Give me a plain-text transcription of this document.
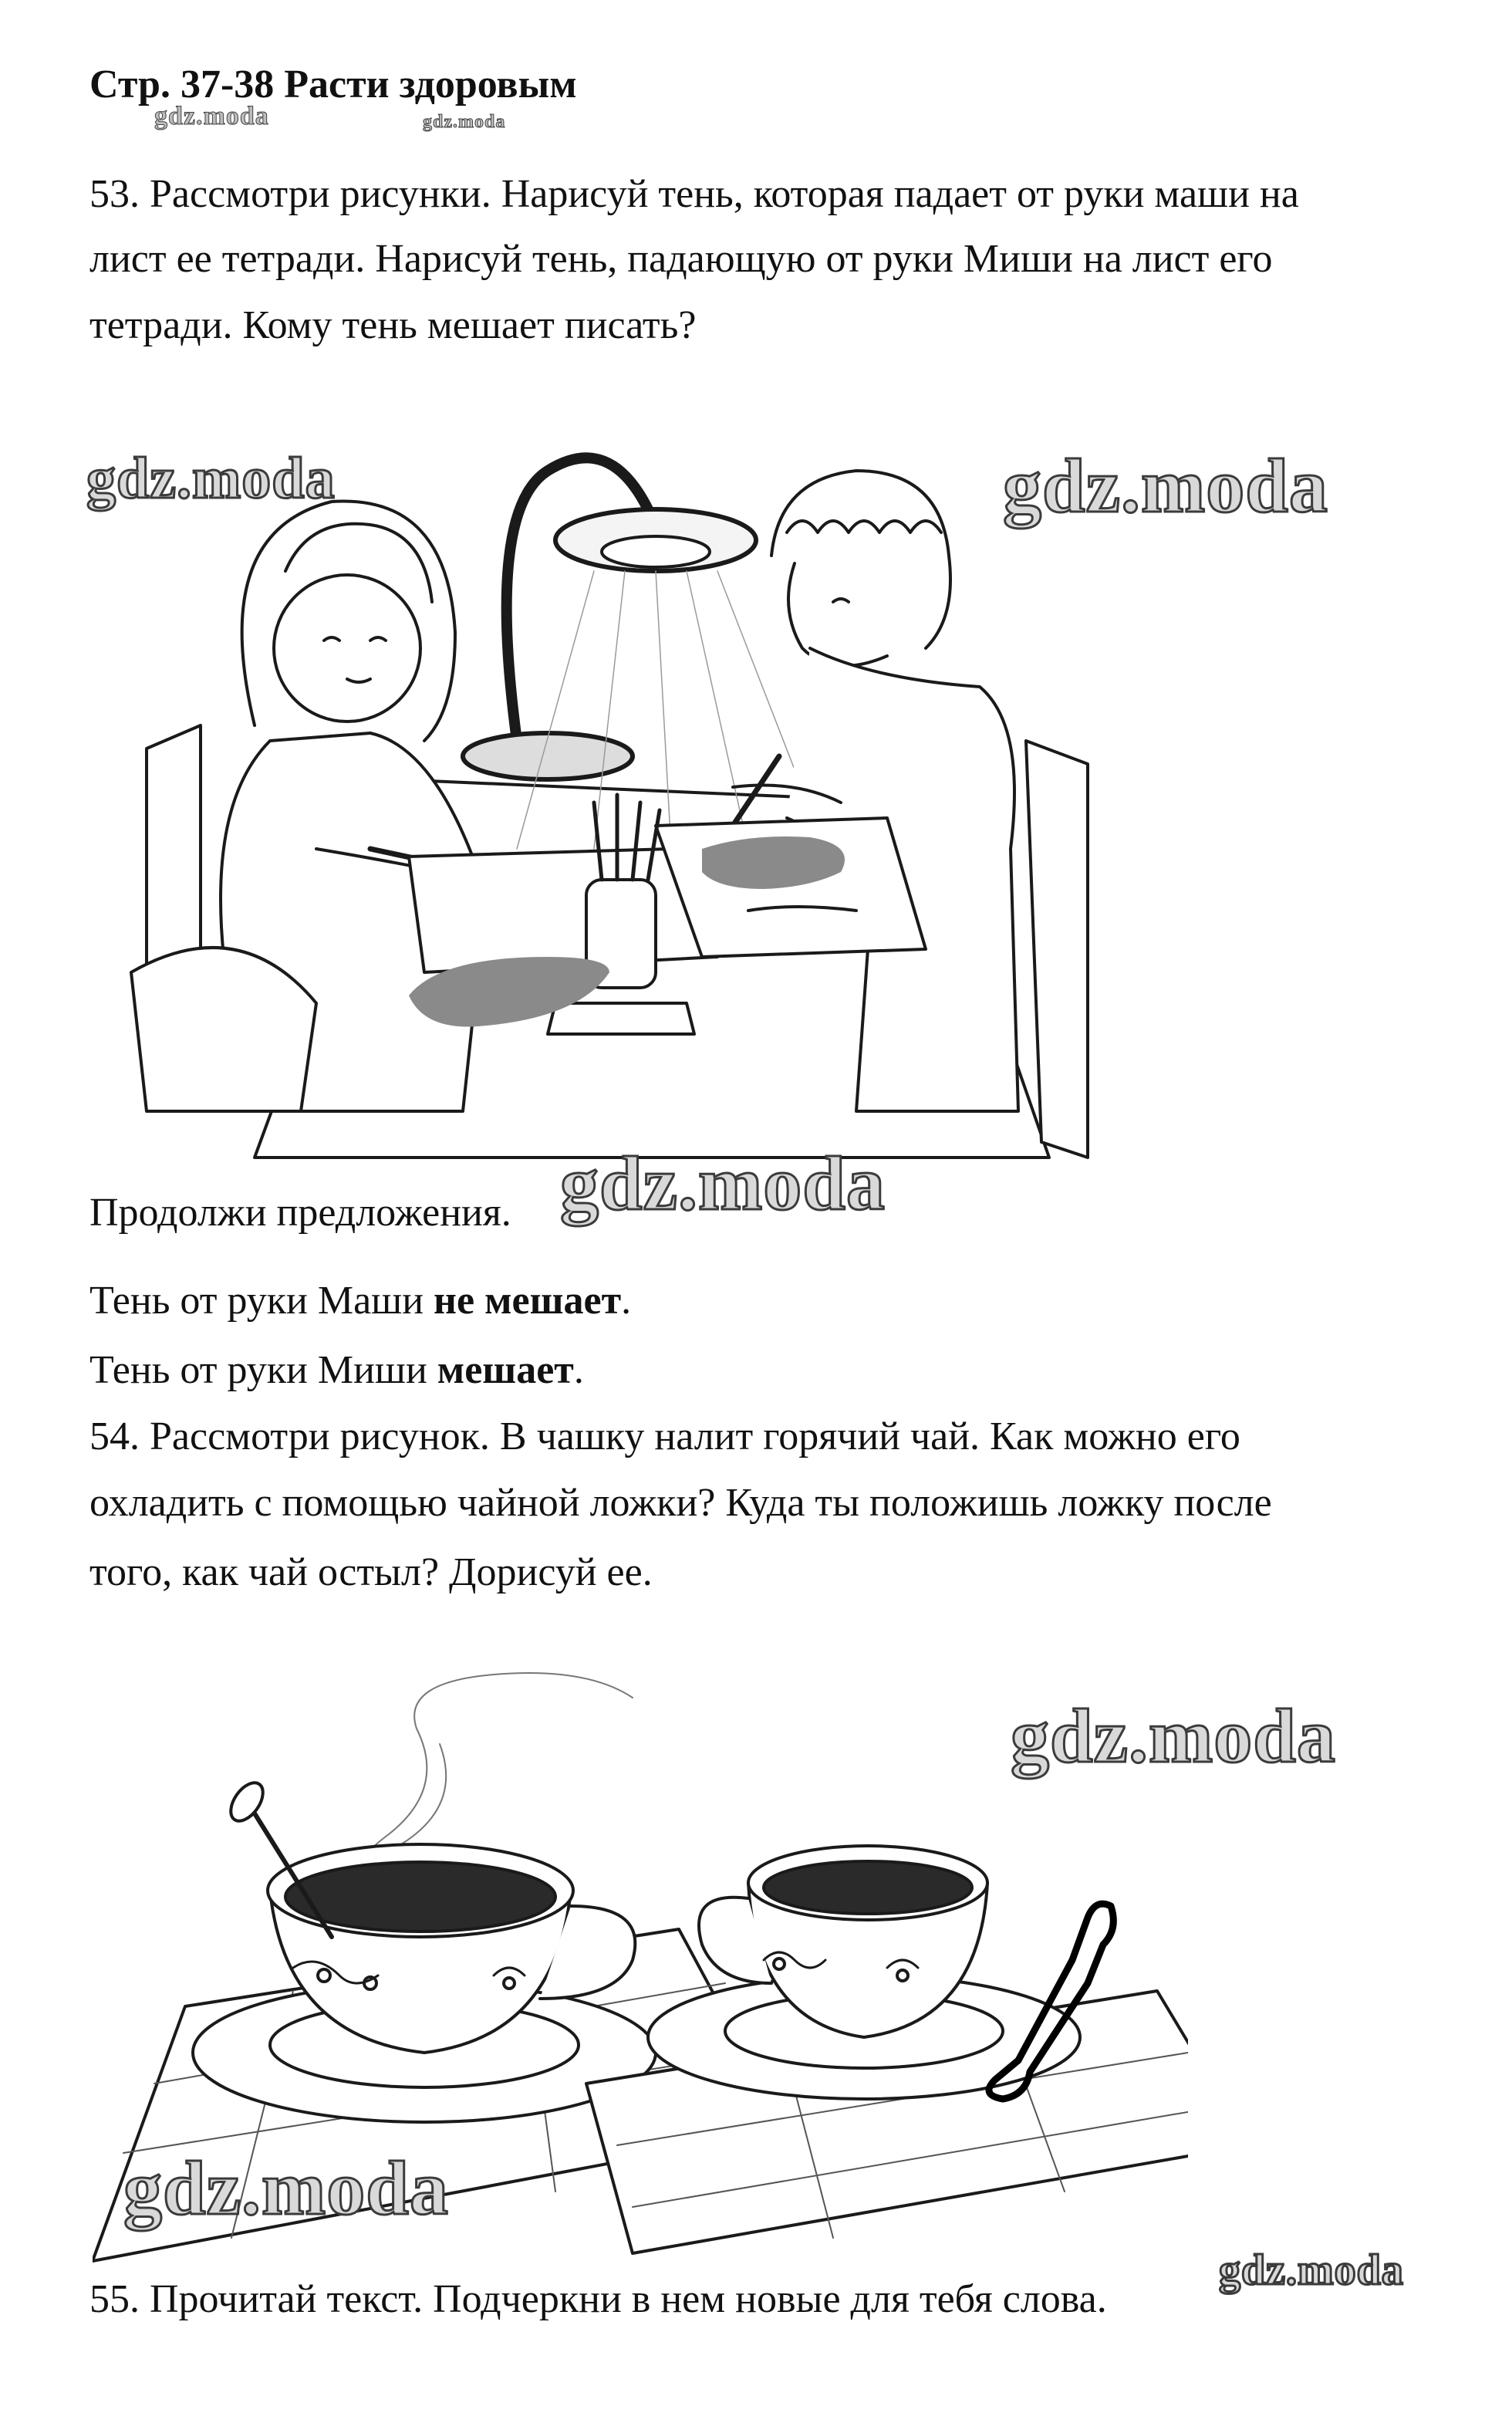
Стр. 37-38 Расти здоровым
gdz.moda	gdz.moda
53. Рассмотри рисунки. Нарисуй тень, которая падает от руки маши на
лист ее тетради. Нарисуй тень, падающую от руки Миши на лист его
тетради. Кому тень мешает писать?
gdz.moda	gdz.moda
Продолжи предложения. gdz.moda
Тень от руки Маши не мешает.
Тень от руки Миши мешает.
54. Рассмотри рисунок. В чашку налит горячий чай. Как можно его
охладить с помощью чайной ложки? Куда ты положишь ложку после
того, как чай остыл? Дорисуй ее.
gdz.moda
gdz.moda
gdz.moda
55. Прочитай текст. Подчеркни в нем новые для тебя слова.
